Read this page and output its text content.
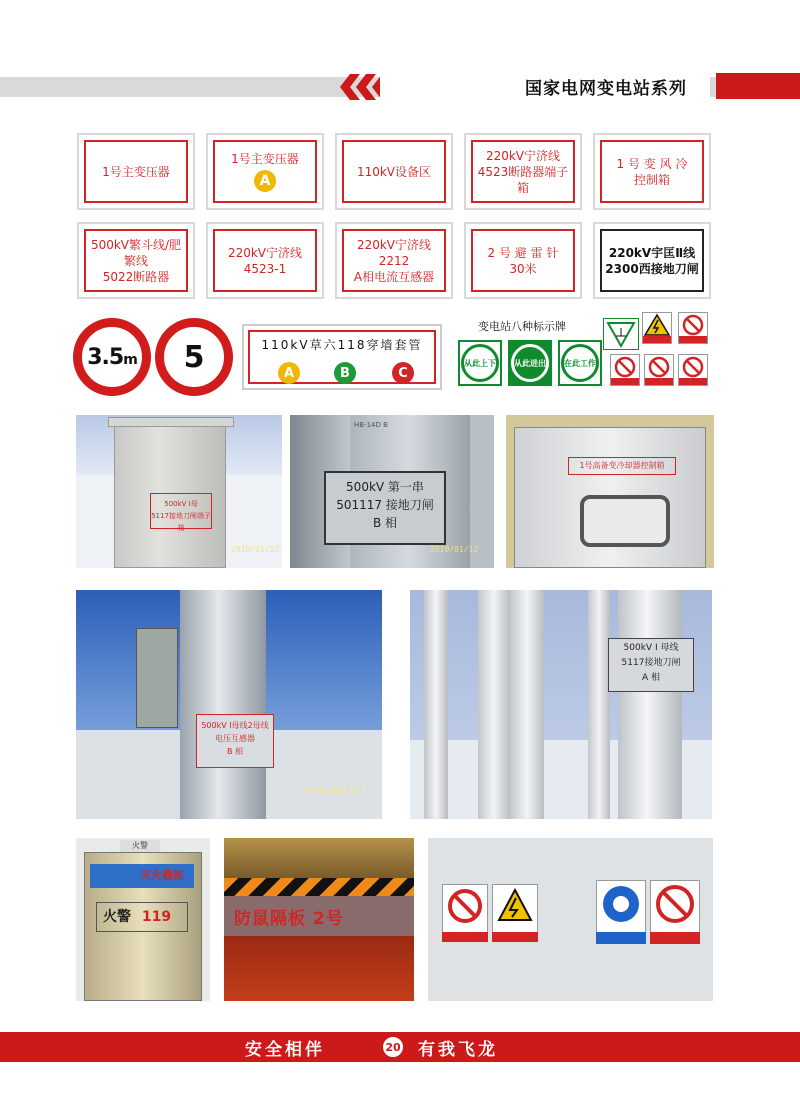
国家电网变电站系列
1号主变压器
1号主变压器
A
110kV设备区
220kV宁济线
4523断路器端子箱
1 号 变 风 冷
控制箱
500kV繁斗线/肥繁线
5022断路器
220kV宁济线
4523-1
220kV宁济线2212
A相电流互感器
2 号 避 雷 针
30米
220kV宇匡Ⅱ线
2300西接地刀闸
3.5m 5	110kV草六118穿墙套管
A	B	C
变电站八种标示牌
从此上下	从此进出	在此工作
500kV Ⅰ母
5117接地刀闸端子箱
2010/01/12
HB-14D B
500kV 第一串
501117 接地刀闸
B 相
2010/01/12
1号高备变冷却器控制箱
500kV Ⅰ母线2母线
电压互感器
B 相
2010/01/12
500kV Ⅰ 母线
5117接地刀闸
A 相
火警
灭火器箱
火警 119	防鼠隔板 2号
安全相伴	20 有我飞龙
